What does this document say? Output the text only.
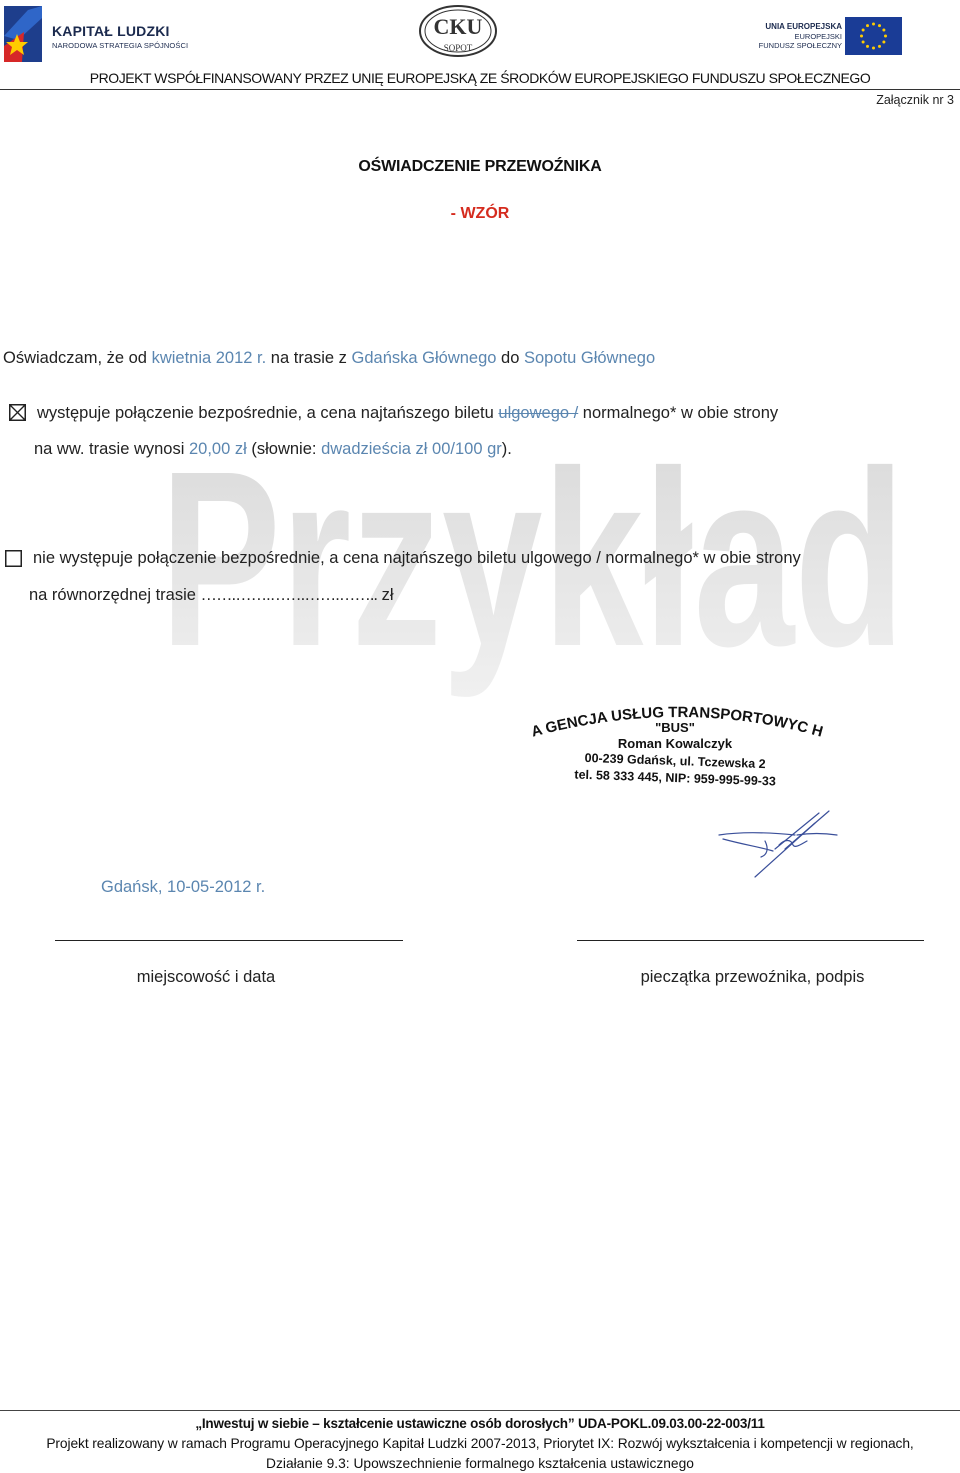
KAPITAŁ LUDZKI
NARODOWA STRATEGIA SPÓJNOŚCI
CKU
SOPOT
UNIA EUROPEJSKA
EUROPEJSKI
FUNDUSZ SPOŁECZNY
PROJEKT WSPÓŁFINANSOWANY PRZEZ UNIĘ EUROPEJSKĄ ZE ŚRODKÓW EUROPEJSKIEGO FUNDUSZU SPOŁECZNEGO
Załącznik nr 3
OŚWIADCZENIE PRZEWOŹNIKA
- WZÓR
Przykład
Oświadczam, że od kwietnia 2012 r. na trasie z Gdańska Głównego do Sopotu Głównego
występuje połączenie bezpośrednie, a cena najtańszego biletu ulgowego / normalnego* w obie strony
na ww. trasie wynosi 20,00 zł (słownie: dwadzieścia zł 00/100 gr).
nie występuje połączenie bezpośrednie, a cena najtańszego biletu ulgowego / normalnego* w obie strony
na równorzędnej trasie …….…….…….…….…….. zł
A GENCJA USŁUG TRANSPORTOWYC H
"BUS"
Roman Kowalczyk
00-239 Gdańsk, ul. Tczewska 2
tel. 58 333 445, NIP: 959-995-99-33
Gdańsk, 10-05-2012 r.
miejscowość i data	pieczątka przewoźnika, podpis
„Inwestuj w siebie – kształcenie ustawiczne osób dorosłych” UDA-POKL.09.03.00-22-003/11
Projekt realizowany w ramach Programu Operacyjnego Kapitał Ludzki 2007-2013, Priorytet IX: Rozwój wykształcenia i kompetencji w regionach,
Działanie 9.3: Upowszechnienie formalnego kształcenia ustawicznego
